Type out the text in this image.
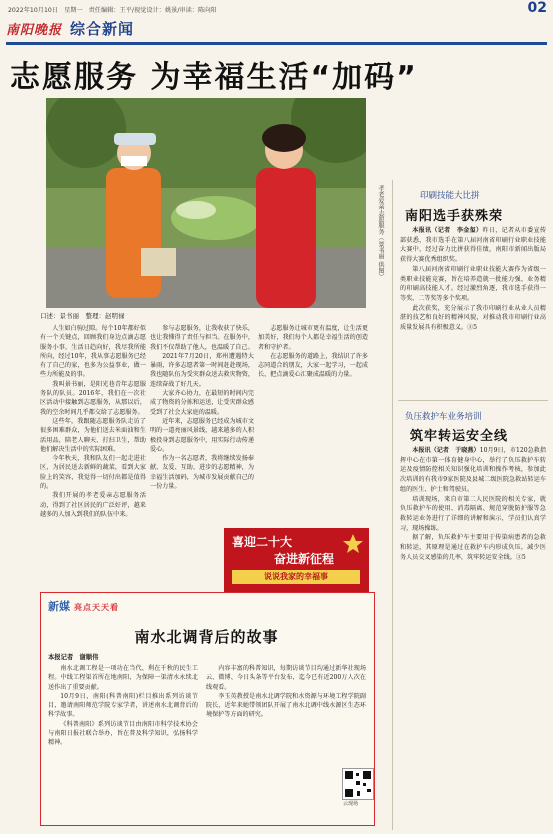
2022年10月10日 星期一 责任编辑：王平/视觉设计：姚景/审读：陈向阳	02
南阳晚报 综合新闻
志愿服务 为幸福生活“加码”
孝老爱亲志愿服务（景书丽 供图）
口述：景书丽　整理：赵明禄

人生如白驹过隙。每个10年都好似有一个关键点，回顾我们身边点滴志愿服务小事，生活日趋向好，我尽我所能所向，经过10年，我从事志愿服务已经有了自己的家，也多为公益事业，做一些力所能及的事。

我叫景书丽，是阳光巷青年志愿服务队的队员。2016年，我们在一次社区活动中接触到志愿服务，从那以后，我的空余时间几乎都交给了志愿服务。

这些年，我跟随志愿服务队走访了很多困难群众，为他们送去米面油和生活用品，陪老人聊天、打扫卫生，帮助他们解决生活中的实际困难。

今年秋天，我和队友们一起走进社区，为居民送去新鲜的蔬菜，看到大家脸上的笑容，我觉得一切付出都是值得的。

我们开展的孝老爱亲志愿服务活动，得到了社区居民的广泛好评，越来越多的人加入到我们的队伍中来。

参与志愿服务，让我收获了快乐，也让我懂得了责任与担当。在服务中，我们不仅帮助了他人，也温暖了自己。

2021年7月20日，郑州遭遇特大暴雨，许多志愿者第一时间赶赴现场，我也随队伍为受灾群众送去救灾物资，连续奋战了好几天。

大家齐心协力，在最短的时间内完成了物资的分拣和运送，让受灾群众感受到了社会大家庭的温暖。

近年来，志愿服务已经成为城市文明的一道亮丽风景线，越来越多的人积极投身到志愿服务中，用实际行动传递爱心。

作为一名志愿者，我将继续发扬奉献、友爱、互助、进步的志愿精神，为幸福生活加码，为城市发展贡献自己的一份力量。

志愿服务让城市更有温度，让生活更加美好，我们每个人都是幸福生活的创造者和守护者。

在志愿服务的道路上，我结识了许多志同道合的朋友，大家一起学习，一起成长，把点滴爱心汇聚成温暖的力量。

喜迎二十大
奋进新征程
说说我家的幸福事
新媒 亮点天天看
南水北调背后的故事
本报记者　谢顺伟

南水北调工程是一项功在当代、利在千秋的民生工程。中线工程渠首所在地南阳，为保障一渠清水永续北送作出了重要贡献。

10月9日，南阳(科普南阳)栏目推出系列访谈节目，邀请南阳师范学院专家学者，讲述南水北调背后的科学故事。

《科普南阳》系列访谈节目由南阳市科学技术协会与南阳日报社联合举办，旨在普及科学知识，弘扬科学精神。

内容丰富的科普知识，每期访谈节目均通过新华社现场云、微博、今日头条等平台发布，迄今已有近200万人次在线观看。

李玉英教授是南水北调学院和水资源与环境工程学院副院长，近年来她带领团队开展了南水北调中线水源区生态环境保护等方面的研究。

云现场
印刷技能大比拼
南阳选手获殊荣

本报讯（记者　李金玺）昨日，记者从市委宣传部获悉，我市选手在第八届河南省印刷行业职业技能大赛中，经过奋力比拼获得佳绩，南阳市新闻出版局获得大赛优秀组织奖。

第八届河南省印刷行业职业技能大赛作为省级一类职业技能竞赛，旨在培养造就一批能力强、业务精的印刷高技能人才。经过激烈角逐，我市选手获得一等奖、二等奖等多个奖项。

此次获奖，充分展示了我市印刷行业从业人员精湛的技艺和良好的精神风貌，对推动我市印刷行业高质量发展具有积极意义。③5

负压救护车业务培训
筑牢转运安全线

本报讯（记者　于晓燕）10月9日，市120急救指挥中心在市第一体育健身中心，举行了负压救护车转运及疫情防控相关知识强化培训和操作考核，参加此次培训的有我市9家医院及县城二级医院急救站转运车组的医生、护士和驾驶员。

培训现场，来自市第二人民医院的相关专家，就负压救护车的使用、消毒隔离、规范穿脱防护服等急救转运业务进行了详细的讲解和演示，学员们认真学习，现场操练。

据了解，负压救护车主要用于传染病患者的急救和转运，其原理是通过在救护车内形成负压，减少医务人员交叉感染的几率，筑牢转运安全线。③5
